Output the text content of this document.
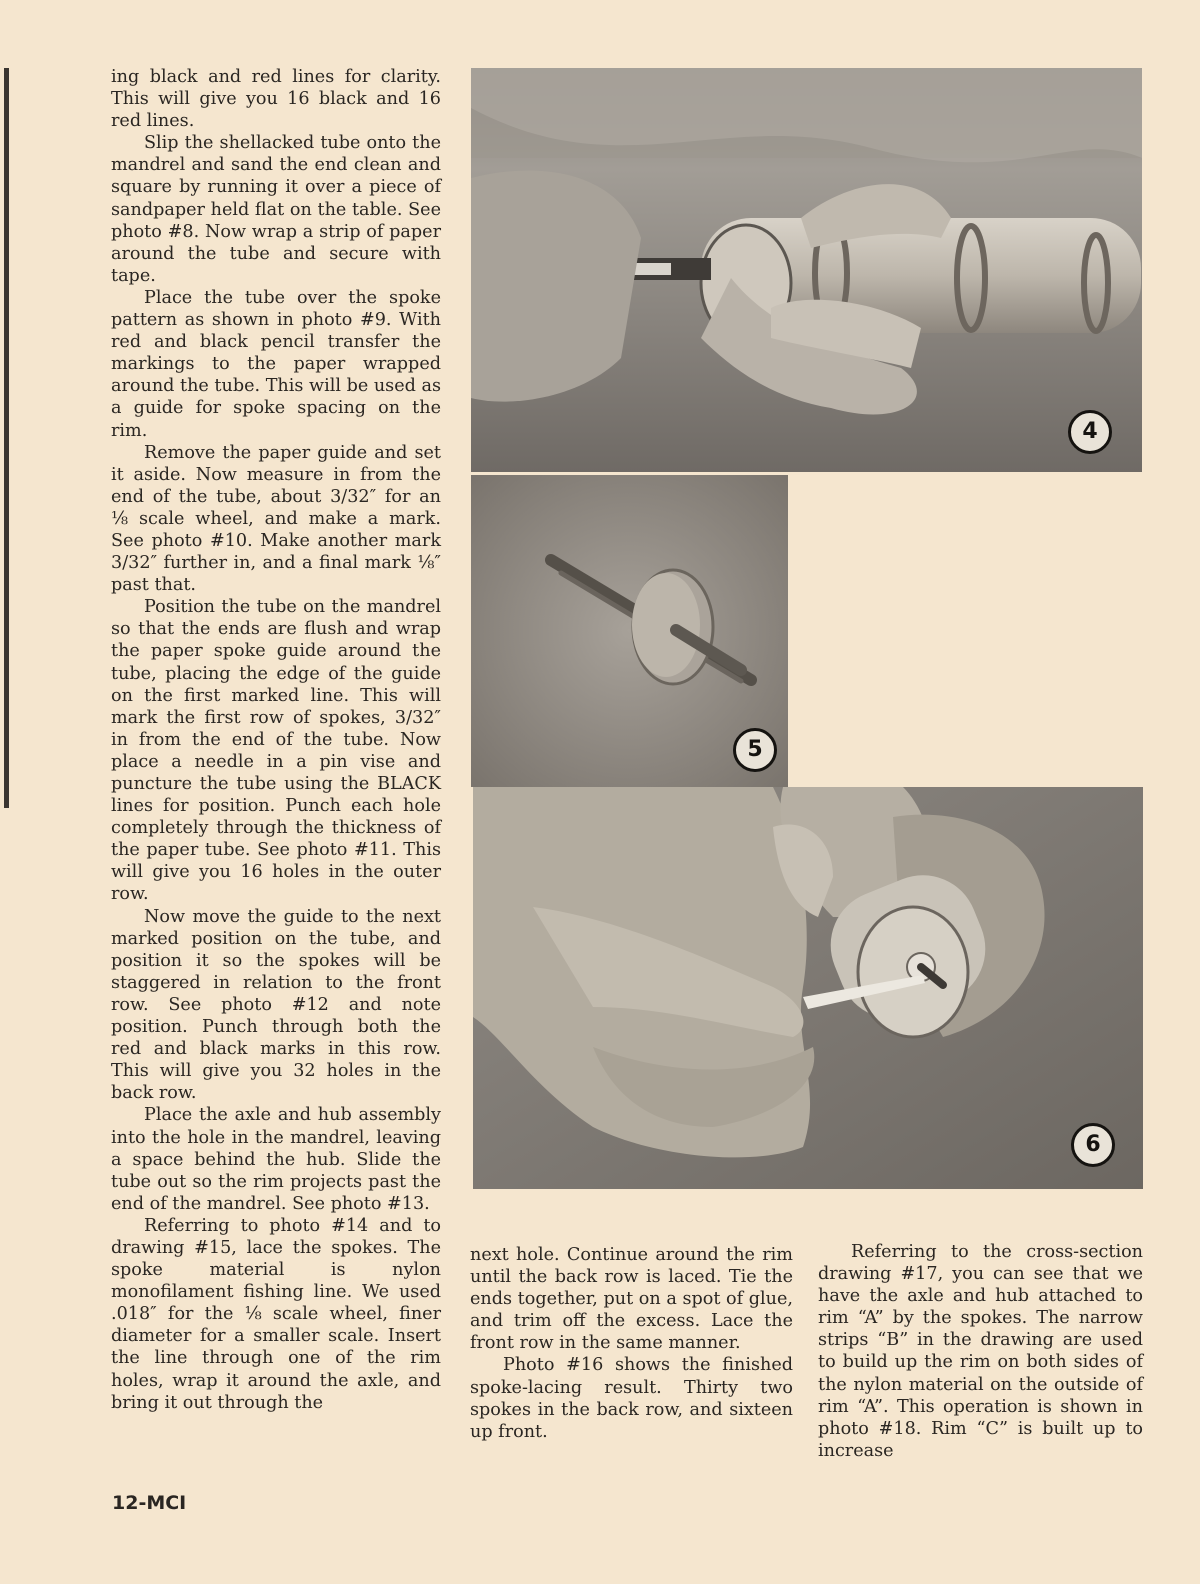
ing black and red lines for clarity. This will give you 16 black and 16 red lines.

Slip the shellacked tube onto the mandrel and sand the end clean and square by running it over a piece of sandpaper held flat on the table. See photo #8. Now wrap a strip of paper around the tube and secure with tape.

Place the tube over the spoke pattern as shown in photo #9. With red and black pencil transfer the markings to the paper wrapped around the tube. This will be used as a guide for spoke spacing on the rim.

Remove the paper guide and set it aside. Now measure in from the end of the tube, about 3/32″ for an ⅛ scale wheel, and make a mark. See photo #10. Make another mark 3/32″ further in, and a final mark ⅛″ past that.

Position the tube on the mandrel so that the ends are flush and wrap the paper spoke guide around the tube, placing the edge of the guide on the first marked line. This will mark the first row of spokes, 3/32″ in from the end of the tube. Now place a needle in a pin vise and puncture the tube using the BLACK lines for position. Punch each hole completely through the thickness of the paper tube. See photo #11. This will give you 16 holes in the outer row.

Now move the guide to the next marked position on the tube, and position it so the spokes will be staggered in relation to the front row. See photo #12 and note position. Punch through both the red and black marks in this row. This will give you 32 holes in the back row.

Place the axle and hub assembly into the hole in the mandrel, leaving a space behind the hub. Slide the tube out so the rim projects past the end of the mandrel. See photo #13.

Referring to photo #14 and to drawing #15, lace the spokes. The spoke material is nylon monofilament fishing line. We used .018″ for the ⅛ scale wheel, finer diameter for a smaller scale. Insert the line through one of the rim holes, wrap it around the axle, and bring it out through the

4
5
6

next hole. Continue around the rim until the back row is laced. Tie the ends together, put on a spot of glue, and trim off the excess. Lace the front row in the same manner.

Photo #16 shows the finished spoke-lacing result. Thirty two spokes in the back row, and sixteen up front.

Referring to the cross-section drawing #17, you can see that we have the axle and hub attached to rim “A” by the spokes. The narrow strips “B” in the drawing are used to build up the rim on both sides of the nylon material on the outside of rim “A”. This operation is shown in photo #18. Rim “C” is built up to increase

12-MCI
